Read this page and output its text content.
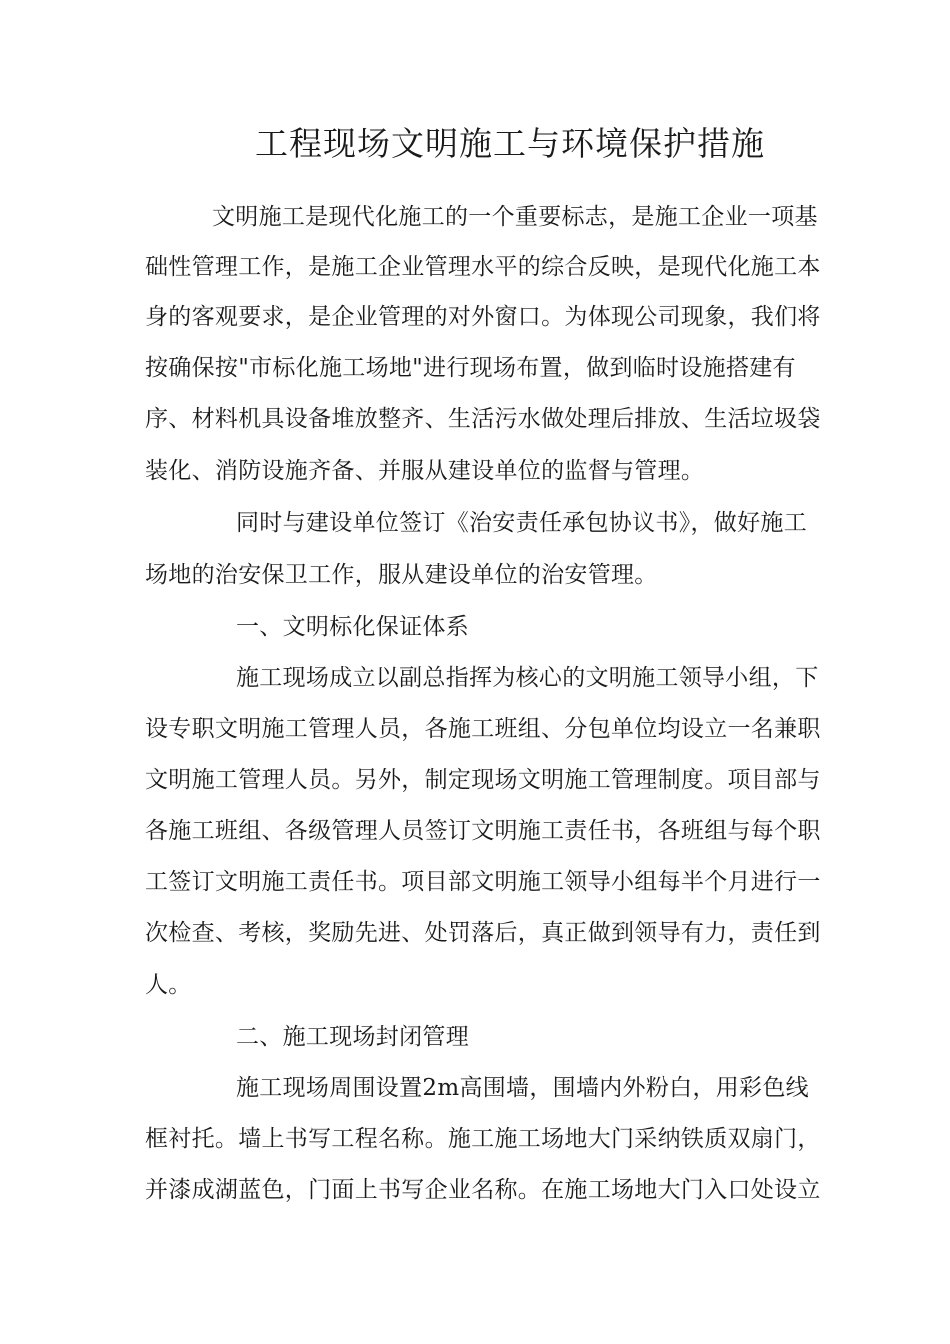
工程现场文明施工与环境保护措施
文明施工是现代化施工的一个重要标志，是施工企业一项基
础性管理工作，是施工企业管理水平的综合反映，是现代化施工本
身的客观要求，是企业管理的对外窗口。为体现公司现象，我们将
按确保按"市标化施工场地"进行现场布置，做到临时设施搭建有
序、材料机具设备堆放整齐、生活污水做处理后排放、生活垃圾袋
装化、消防设施齐备、并服从建设单位的监督与管理。
同时与建设单位签订《治安责任承包协议书》，做好施工
场地的治安保卫工作，服从建设单位的治安管理。
一、文明标化保证体系
施工现场成立以副总指挥为核心的文明施工领导小组，下
设专职文明施工管理人员，各施工班组、分包单位均设立一名兼职
文明施工管理人员。另外，制定现场文明施工管理制度。项目部与
各施工班组、各级管理人员签订文明施工责任书，各班组与每个职
工签订文明施工责任书。项目部文明施工领导小组每半个月进行一
次检查、考核，奖励先进、处罚落后，真正做到领导有力，责任到
人。
二、施工现场封闭管理
施工现场周围设置2m高围墙，围墙内外粉白，用彩色线
框衬托。墙上书写工程名称。施工施工场地大门采纳铁质双扇门，
并漆成湖蓝色，门面上书写企业名称。在施工场地大门入口处设立
